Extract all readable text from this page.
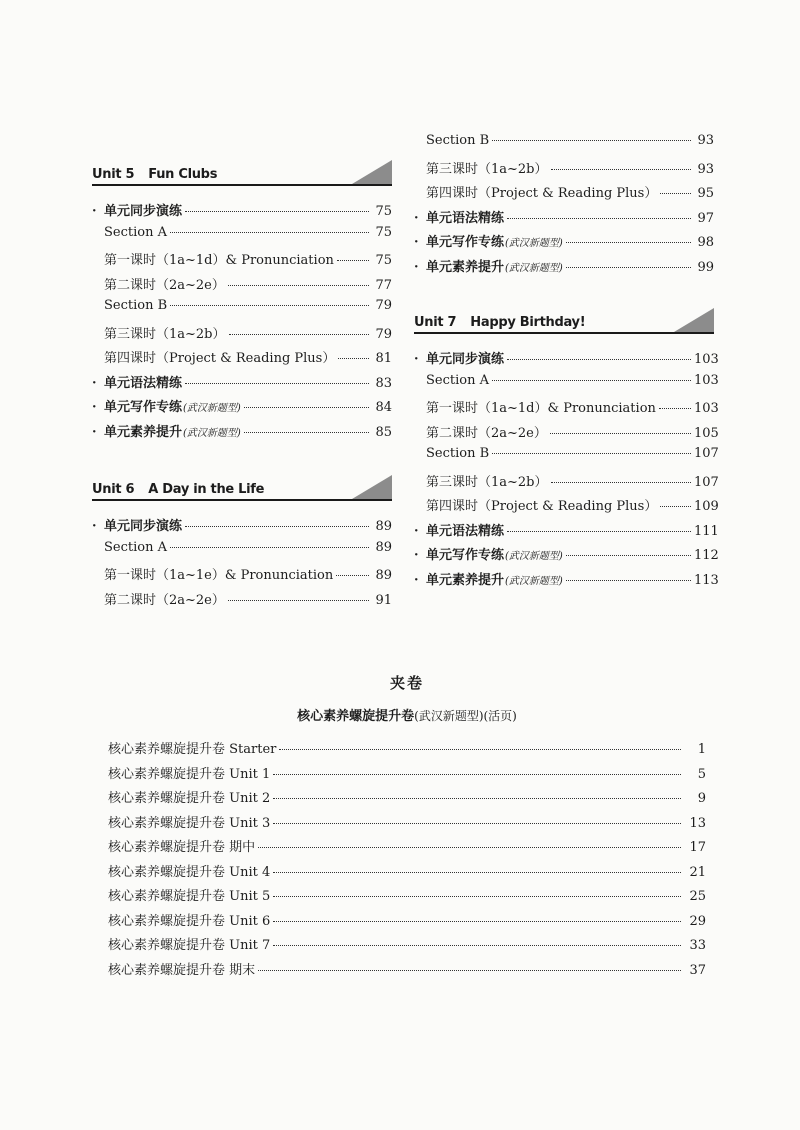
Unit 5 Fun Clubs
· 单元同步演练	75
Section A	75
第一课时（1a~1d）& Pronunciation	75
第二课时（2a~2e）	77
Section B	79
第三课时（1a~2b）	79
第四课时（Project & Reading Plus）	81
· 单元语法精练	83
· 单元写作专练 (武汉新题型)	84
· 单元素养提升 (武汉新题型)	85
Unit 6 A Day in the Life
· 单元同步演练	89
Section A	89
第一课时（1a~1e）& Pronunciation	89
第二课时（2a~2e）	91
Section B	93
第三课时（1a~2b）	93
第四课时（Project & Reading Plus）	95
· 单元语法精练	97
· 单元写作专练 (武汉新题型)	98
· 单元素养提升 (武汉新题型)	99
Unit 7 Happy Birthday!
· 单元同步演练	103
Section A	103
第一课时（1a~1d）& Pronunciation	103
第二课时（2a~2e）	105
Section B	107
第三课时（1a~2b）	107
第四课时（Project & Reading Plus）	109
· 单元语法精练	111
· 单元写作专练 (武汉新题型)	112
· 单元素养提升 (武汉新题型)	113
夹卷
核心素养螺旋提升卷(武汉新题型)(活页)
核心素养螺旋提升卷 Starter	1
核心素养螺旋提升卷 Unit 1	5
核心素养螺旋提升卷 Unit 2	9
核心素养螺旋提升卷 Unit 3	13
核心素养螺旋提升卷 期中	17
核心素养螺旋提升卷 Unit 4	21
核心素养螺旋提升卷 Unit 5	25
核心素养螺旋提升卷 Unit 6	29
核心素养螺旋提升卷 Unit 7	33
核心素养螺旋提升卷 期末	37
